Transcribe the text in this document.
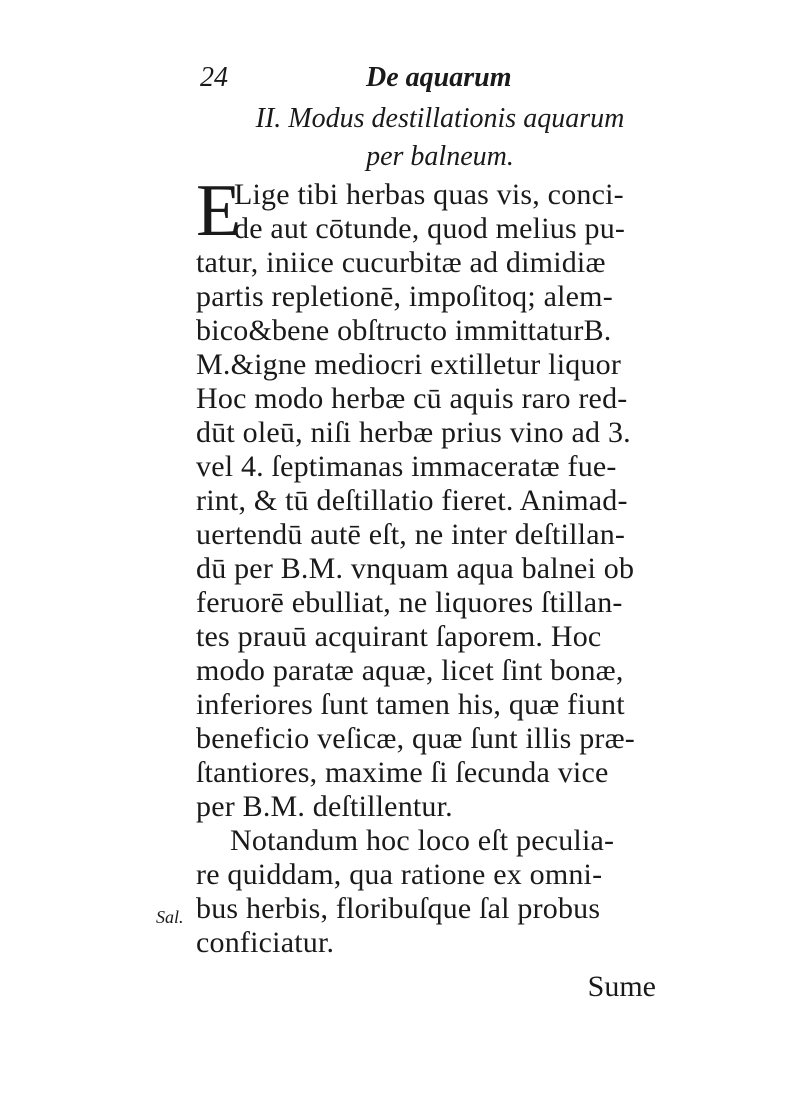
24	De aquarum
II. Modus destillationis aquarum
per balneum.
E
Lige tibi herbas quas vis, conci-
de aut cōtunde, quod melius pu-
tatur, iniice cucurbitæ ad dimidiæ
partis repletionē, impoſitoq; alem-
bico&bene obſtructo immittaturB.
M.&igne mediocri extilletur liquor
Hoc modo herbæ cū aquis raro red-
dūt oleū, niſi herbæ prius vino ad 3.
vel 4. ſeptimanas immaceratæ fue-
rint, & tū deſtillatio fieret. Animad-
uertendū autē eſt, ne inter deſtillan-
dū per B.M. vnquam aqua balnei ob
feruorē ebulliat, ne liquores ſtillan-
tes prauū acquirant ſaporem. Hoc
modo paratæ aquæ, licet ſint bonæ,
inferiores ſunt tamen his, quæ fiunt
beneficio veſicæ, quæ ſunt illis præ-
ſtantiores, maxime ſi ſecunda vice
per B.M. deſtillentur.
Notandum hoc loco eſt peculia-
re quiddam, qua ratione ex omni-
bus herbis, floribuſque ſal probus
conficiatur.
Sal.
Sume
